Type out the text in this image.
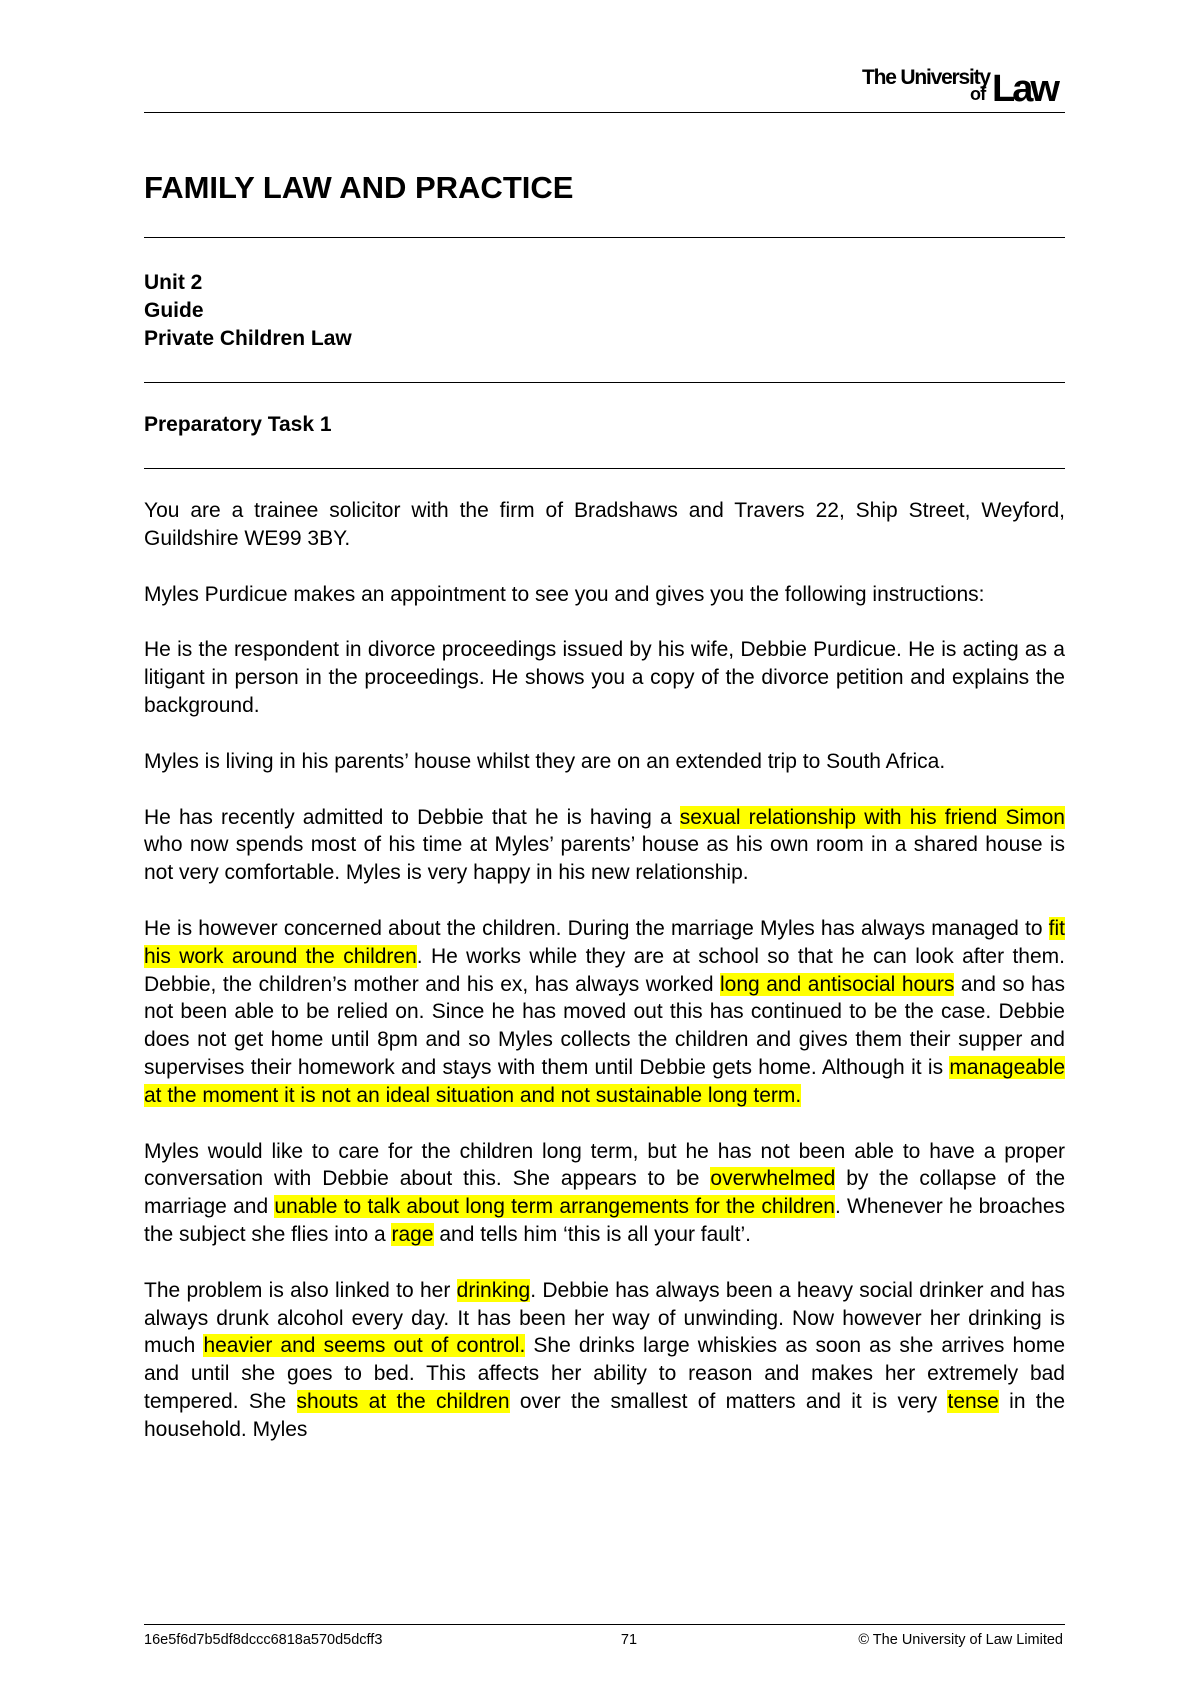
The University
of Law
FAMILY LAW AND PRACTICE
Unit 2
Guide
Private Children Law
Preparatory Task 1

You are a trainee solicitor with the firm of Bradshaws and Travers 22, Ship Street, Weyford, Guildshire WE99 3BY.

Myles Purdicue makes an appointment to see you and gives you the following instructions:

He is the respondent in divorce proceedings issued by his wife, Debbie Purdicue. He is acting as a litigant in person in the proceedings. He shows you a copy of the divorce petition and explains the background.

Myles is living in his parents’ house whilst they are on an extended trip to South Africa.

He has recently admitted to Debbie that he is having a sexual relationship with his friend Simon who now spends most of his time at Myles’ parents’ house as his own room in a shared house is not very comfortable. Myles is very happy in his new relationship.

He is however concerned about the children. During the marriage Myles has always managed to fit his work around the children. He works while they are at school so that he can look after them. Debbie, the children’s mother and his ex, has always worked long and antisocial hours and so has not been able to be relied on. Since he has moved out this has continued to be the case. Debbie does not get home until 8pm and so Myles collects the children and gives them their supper and supervises their homework and stays with them until Debbie gets home. Although it is manageable at the moment it is not an ideal situation and not sustainable long term.

Myles would like to care for the children long term, but he has not been able to have a proper conversation with Debbie about this. She appears to be overwhelmed by the collapse of the marriage and unable to talk about long term arrangements for the children. Whenever he broaches the subject she flies into a rage and tells him ‘this is all your fault’.

The problem is also linked to her drinking. Debbie has always been a heavy social drinker and has always drunk alcohol every day. It has been her way of unwinding. Now however her drinking is much heavier and seems out of control. She drinks large whiskies as soon as she arrives home and until she goes to bed. This affects her ability to reason and makes her extremely bad tempered. She shouts at the children over the smallest of matters and it is very tense in the household. Myles

16e5f6d7b5df8dccc6818a570d5dcff3	71	© The University of Law Limited
